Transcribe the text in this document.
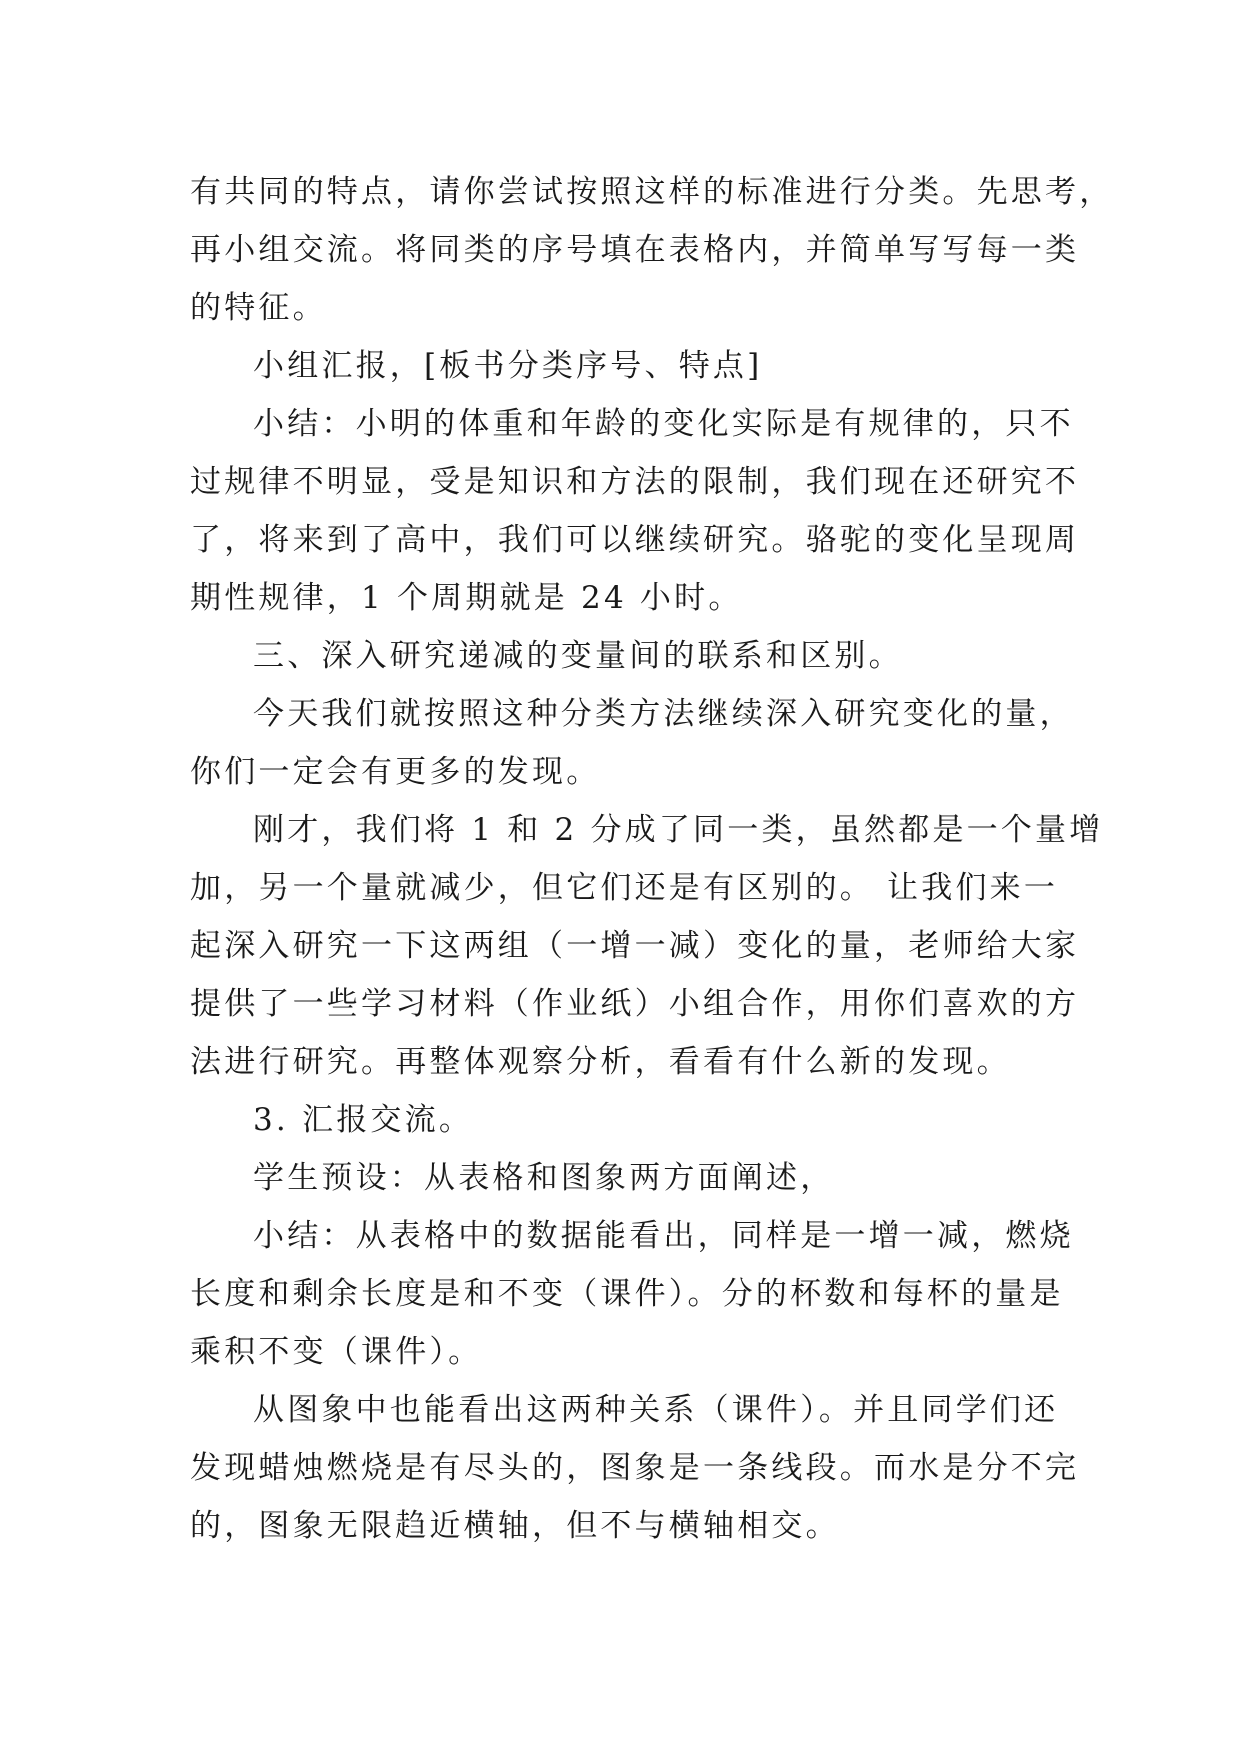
有共同的特点，请你尝试按照这样的标准进行分类。先思考，
再小组交流。将同类的序号填在表格内，并简单写写每一类
的特征。
小组汇报，[板书分类序号、特点]
小结：小明的体重和年龄的变化实际是有规律的，只不
过规律不明显，受是知识和方法的限制，我们现在还研究不
了，将来到了高中，我们可以继续研究。骆驼的变化呈现周
期性规律，1 个周期就是 24 小时。
三、深入研究递减的变量间的联系和区别。
今天我们就按照这种分类方法继续深入研究变化的量，
你们一定会有更多的发现。
刚才，我们将 1 和 2 分成了同一类，虽然都是一个量增
加，另一个量就减少，但它们还是有区别的。 让我们来一
起深入研究一下这两组（一增一减）变化的量，老师给大家
提供了一些学习材料（作业纸）小组合作，用你们喜欢的方
法进行研究。再整体观察分析，看看有什么新的发现。
3. 汇报交流。
学生预设：从表格和图象两方面阐述，
小结：从表格中的数据能看出，同样是一增一减，燃烧
长度和剩余长度是和不变（课件）。分的杯数和每杯的量是
乘积不变（课件）。
从图象中也能看出这两种关系（课件）。并且同学们还
发现蜡烛燃烧是有尽头的，图象是一条线段。而水是分不完
的，图象无限趋近横轴，但不与横轴相交。
